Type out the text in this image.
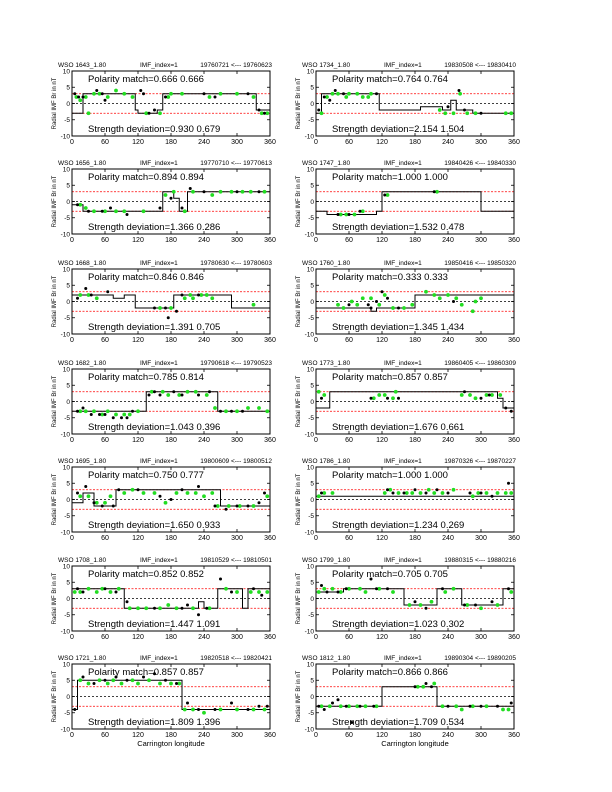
WSO 1643_1.80	IMF_index=1	19760721 <--- 19760623
Polarity match=0.666 0.666
Strength deviation=0.930 0.679
0	60	120	180	240	300	360
-10
-5
0
5
10
Radial IMF Br in nT
WSO 1734_1.80	IMF_index=1	19830508 <--- 19830410
Polarity match=0.764 0.764
Strength deviation=2.154 1.504
0	60	120	180	240	300	360
-10
-5
0
5
10
Radial IMF Br in nT
WSO 1656_1.80	IMF_index=1	19770710 <--- 19770613
Polarity match=0.894 0.894
Strength deviation=1.366 0.286
0	60	120	180	240	300	360
-10
-5
0
5
10
Radial IMF Br in nT
WSO 1747_1.80	IMF_index=1	19840426 <--- 19840330
Polarity match=1.000 1.000
Strength deviation=1.532 0.478
0	60	120	180	240	300	360
-10
-5
0
5
10
Radial IMF Br in nT
WSO 1668_1.80	IMF_index=1	19780630 <--- 19780603
Polarity match=0.846 0.846
Strength deviation=1.391 0.705
0	60	120	180	240	300	360
-10
-5
0
5
10
Radial IMF Br in nT
WSO 1760_1.80	IMF_index=1	19850416 <--- 19850320
Polarity match=0.333 0.333
Strength deviation=1.345 1.434
0	60	120	180	240	300	360
-10
-5
0
5
10
Radial IMF Br in nT
WSO 1682_1.80	IMF_index=1	19790618 <--- 19790523
Polarity match=0.785 0.814
Strength deviation=1.043 0.396
0	60	120	180	240	300	360
-10
-5
0
5
10
Radial IMF Br in nT
WSO 1773_1.80	IMF_index=1	19860405 <--- 19860309
Polarity match=0.857 0.857
Strength deviation=1.676 0.661
0	60	120	180	240	300	360
-10
-5
0
5
10
Radial IMF Br in nT
WSO 1695_1.80	IMF_index=1	19800609 <--- 19800512
Polarity match=0.750 0.777
Strength deviation=1.650 0.933
0	60	120	180	240	300	360
-10
-5
0
5
10
Radial IMF Br in nT
WSO 1786_1.80	IMF_index=1	19870326 <--- 19870227
Polarity match=1.000 1.000
Strength deviation=1.234 0.269
0	60	120	180	240	300	360
-10
-5
0
5
10
Radial IMF Br in nT
WSO 1708_1.80	IMF_index=1	19810529 <--- 19810501
Polarity match=0.852 0.852
Strength deviation=1.447 1.091
0	60	120	180	240	300	360
-10
-5
0
5
10
Radial IMF Br in nT
WSO 1799_1.80	IMF_index=1	19880315 <--- 19880216
Polarity match=0.705 0.705
Strength deviation=1.023 0.302
0	60	120	180	240	300	360
-10
-5
0
5
10
Radial IMF Br in nT
WSO 1721_1.80	IMF_index=1	19820518 <--- 19820421
Polarity match=0.857 0.857
Strength deviation=1.809 1.396
0	60	120	180	240	300	360
-10
-5
0
5
10
Radial IMF Br in nT
Carrington longitude
WSO 1812_1.80	IMF_index=1	19890304 <--- 19890205
Polarity match=0.866 0.866
Strength deviation=1.709 0.534
0	60	120	180	240	300	360
-10
-5
0
5
10
Radial IMF Br in nT
Carrington longitude
